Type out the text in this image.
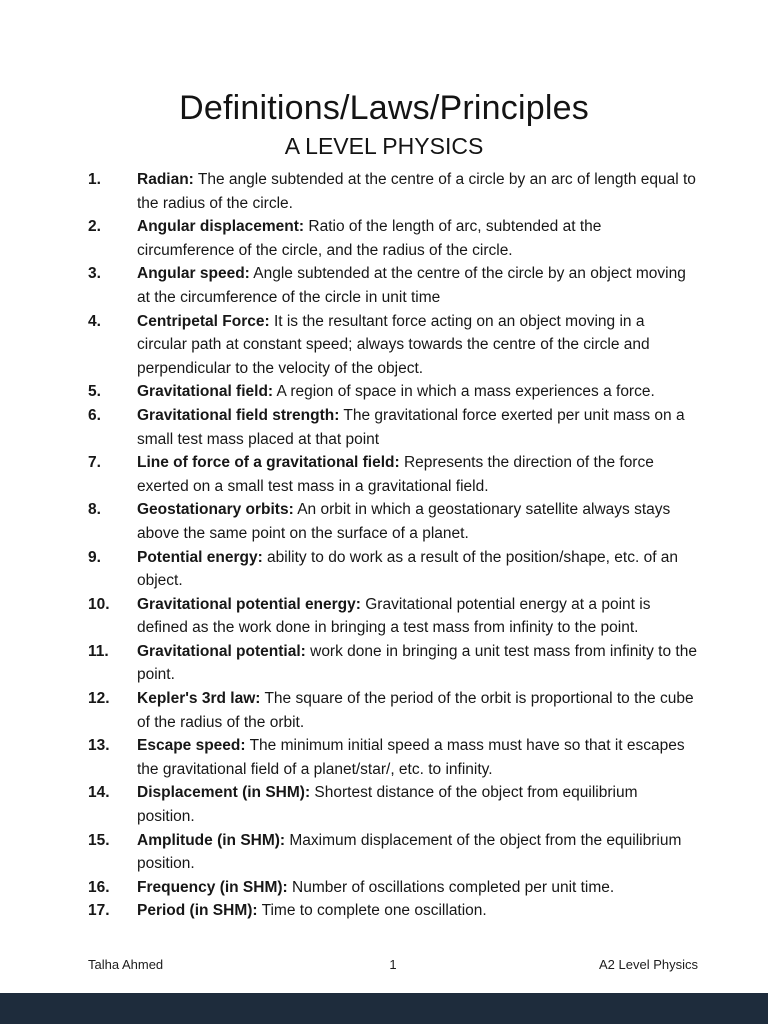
Definitions/Laws/Principles
A LEVEL PHYSICS
1.	Radian: The angle subtended at the centre of a circle by an arc of length equal to the radius of the circle.
2.	Angular displacement: Ratio of the length of arc, subtended at the circumference of the circle, and the radius of the circle.
3.	Angular speed: Angle subtended at the centre of the circle by an object moving at the circumference of the circle in unit time
4.	Centripetal Force: It is the resultant force acting on an object moving in a circular path at constant speed; always towards the centre of the circle and perpendicular to the velocity of the object.
5.	Gravitational field: A region of space in which a mass experiences a force.
6.	Gravitational field strength: The gravitational force exerted per unit mass on a small test mass placed at that point
7.	Line of force of a gravitational field: Represents the direction of the force exerted on a small test mass in a gravitational field.
8.	Geostationary orbits: An orbit in which a geostationary satellite always stays above the same point on the surface of a planet.
9.	Potential energy: ability to do work as a result of the position/shape, etc. of an object.
10.	Gravitational potential energy: Gravitational potential energy at a point is defined as the work done in bringing a test mass from infinity to the point.
11.	Gravitational potential: work done in bringing a unit test mass from infinity to the point.
12.	Kepler's 3rd law: The square of the period of the orbit is proportional to the cube of the radius of the orbit.
13.	Escape speed: The minimum initial speed a mass must have so that it escapes the gravitational field of a planet/star/, etc. to infinity.
14.	Displacement (in SHM): Shortest distance of the object from equilibrium position.
15.	Amplitude (in SHM): Maximum displacement of the object from the equilibrium position.
16.	Frequency (in SHM): Number of oscillations completed per unit time.
17.	Period (in SHM): Time to complete one oscillation.
Talha Ahmed	1	A2 Level Physics
